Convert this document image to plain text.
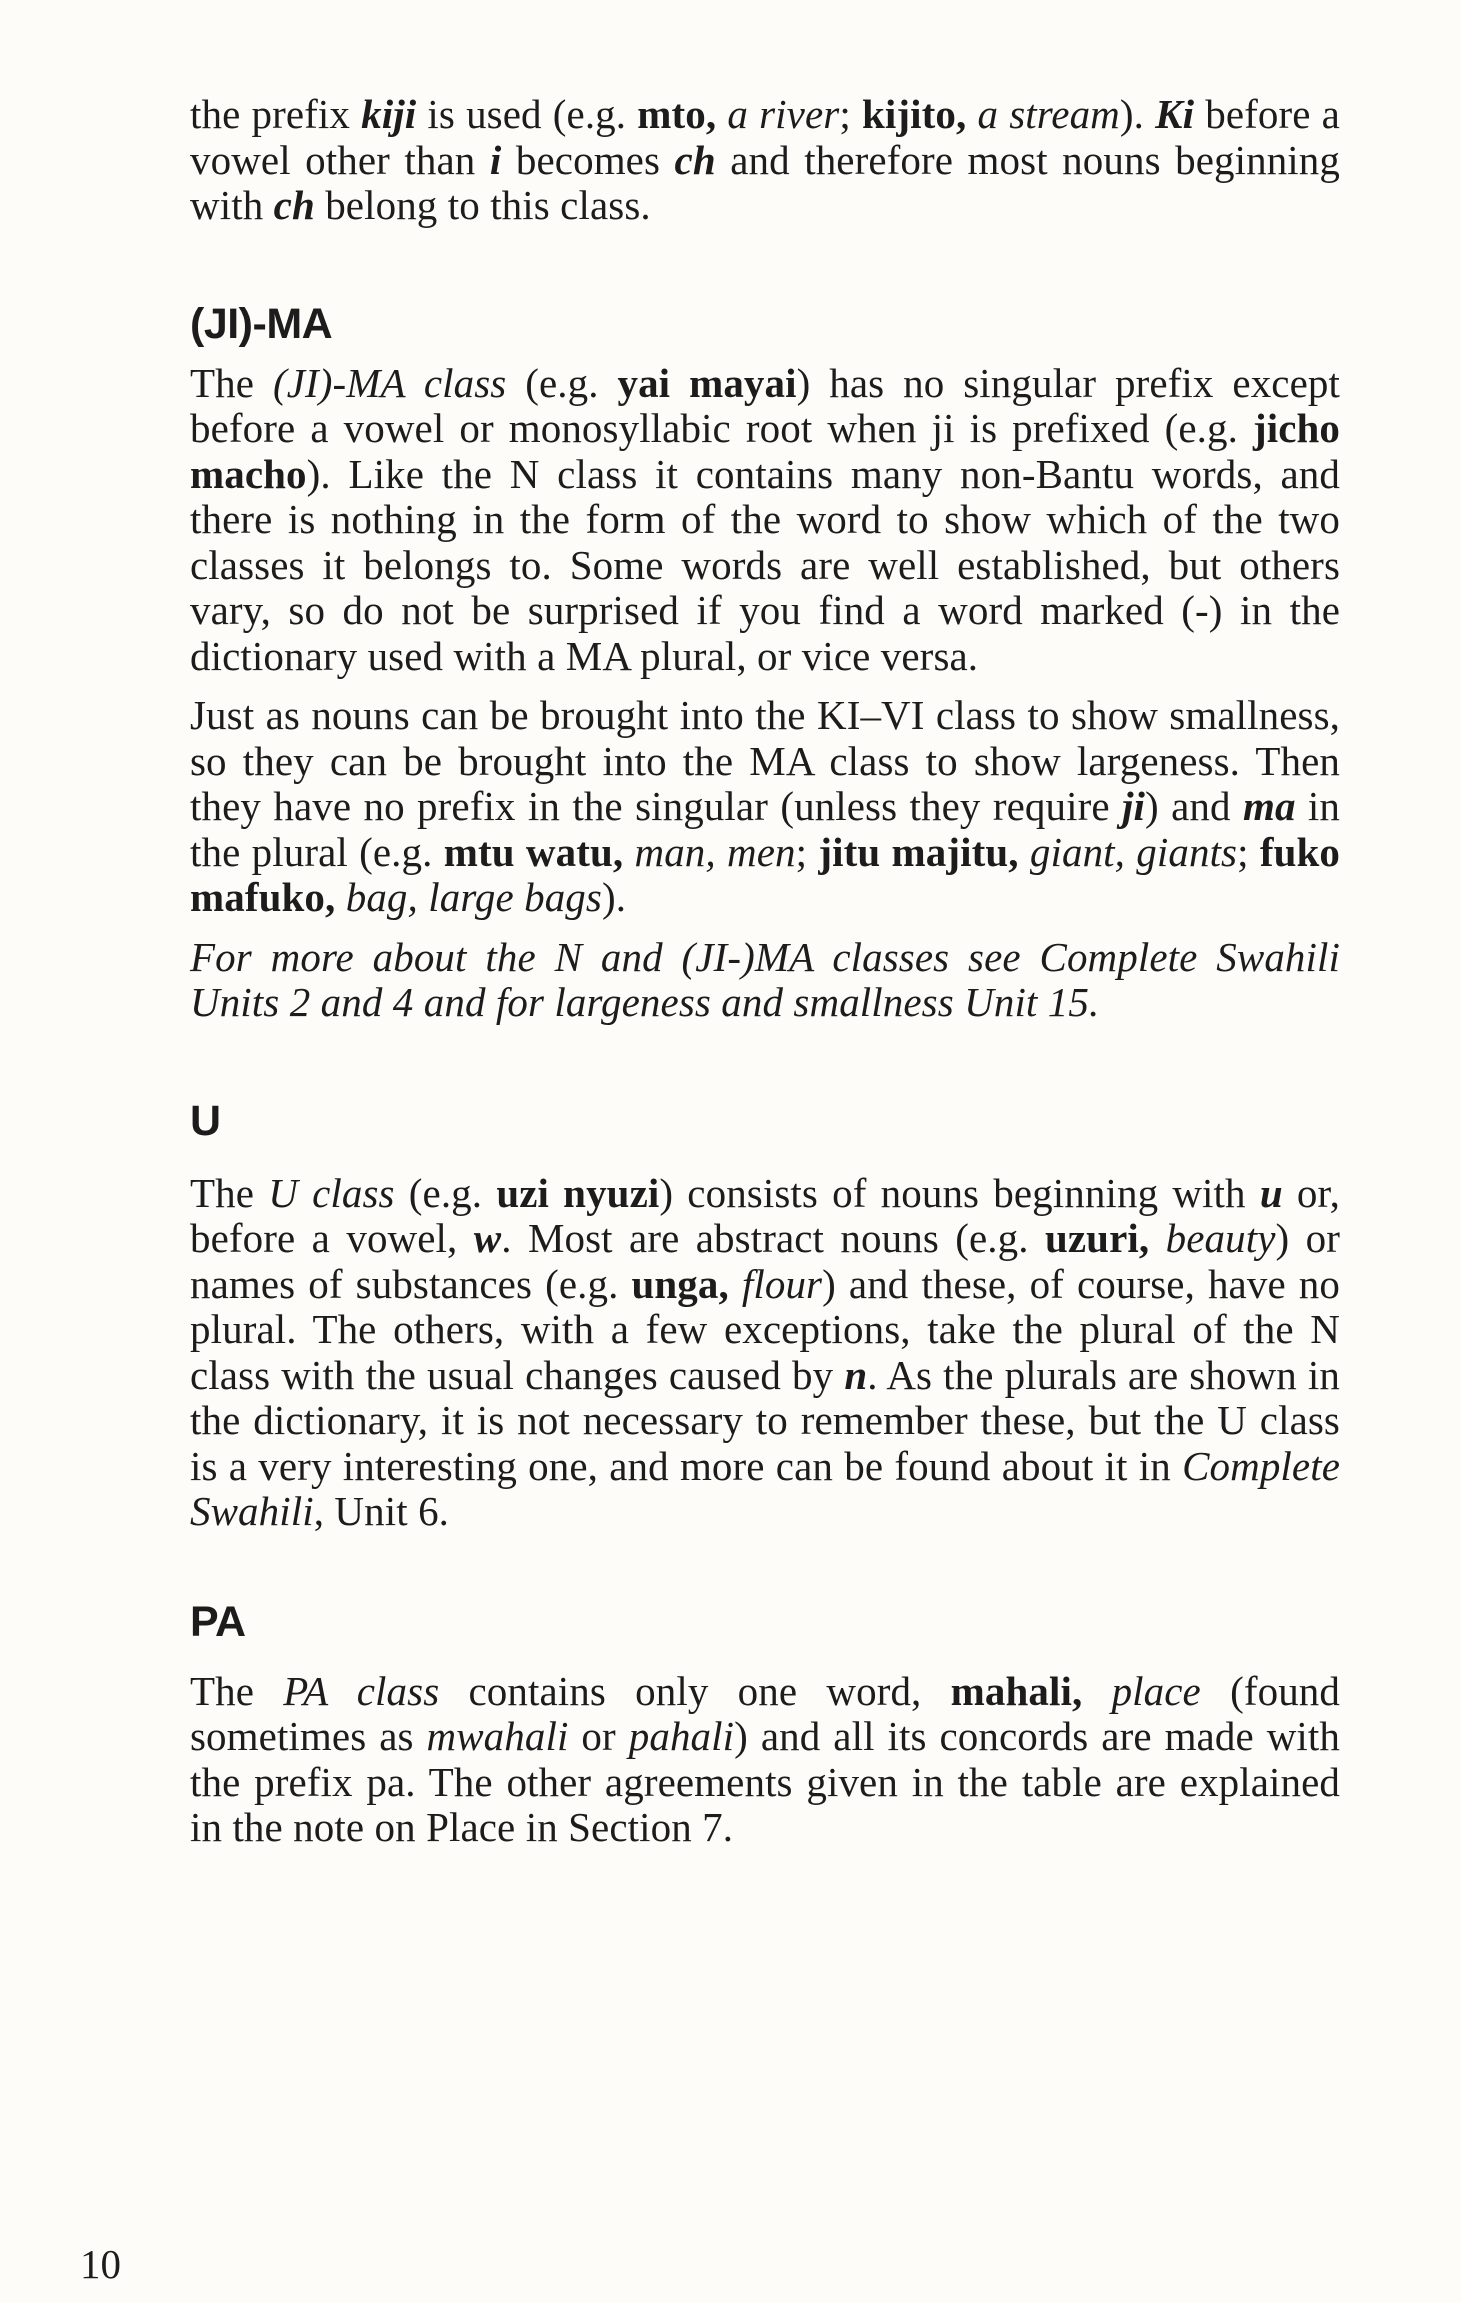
the prefix kiji is used (e.g. mto, a river; kijito, a stream). Ki before a vowel other than i becomes ch and therefore most nouns beginning with ch belong to this class.

(JI)-MA

The (JI)-MA class (e.g. yai mayai) has no singular prefix except before a vowel or monosyllabic root when ji is prefixed (e.g. jicho macho). Like the N class it contains many non-Bantu words, and there is nothing in the form of the word to show which of the two classes it belongs to. Some words are well established, but others vary, so do not be surprised if you find a word marked (-) in the dictionary used with a MA plural, or vice versa.

Just as nouns can be brought into the KI–VI class to show smallness, so they can be brought into the MA class to show largeness. Then they have no prefix in the singular (unless they require ji) and ma in the plural (e.g. mtu watu, man, men; jitu majitu, giant, giants; fuko mafuko, bag, large bags).

For more about the N and (JI-)MA classes see Complete Swahili Units 2 and 4 and for largeness and smallness Unit 15.

U

The U class (e.g. uzi nyuzi) consists of nouns beginning with u or, before a vowel, w. Most are abstract nouns (e.g. uzuri, beauty) or names of substances (e.g. unga, flour) and these, of course, have no plural. The others, with a few exceptions, take the plural of the N class with the usual changes caused by n. As the plurals are shown in the dictionary, it is not necessary to remember these, but the U class is a very interesting one, and more can be found about it in Complete Swahili, Unit 6.

PA

The PA class contains only one word, mahali, place (found sometimes as mwahali or pahali) and all its concords are made with the prefix pa. The other agreements given in the table are explained in the note on Place in Section 7.

10
